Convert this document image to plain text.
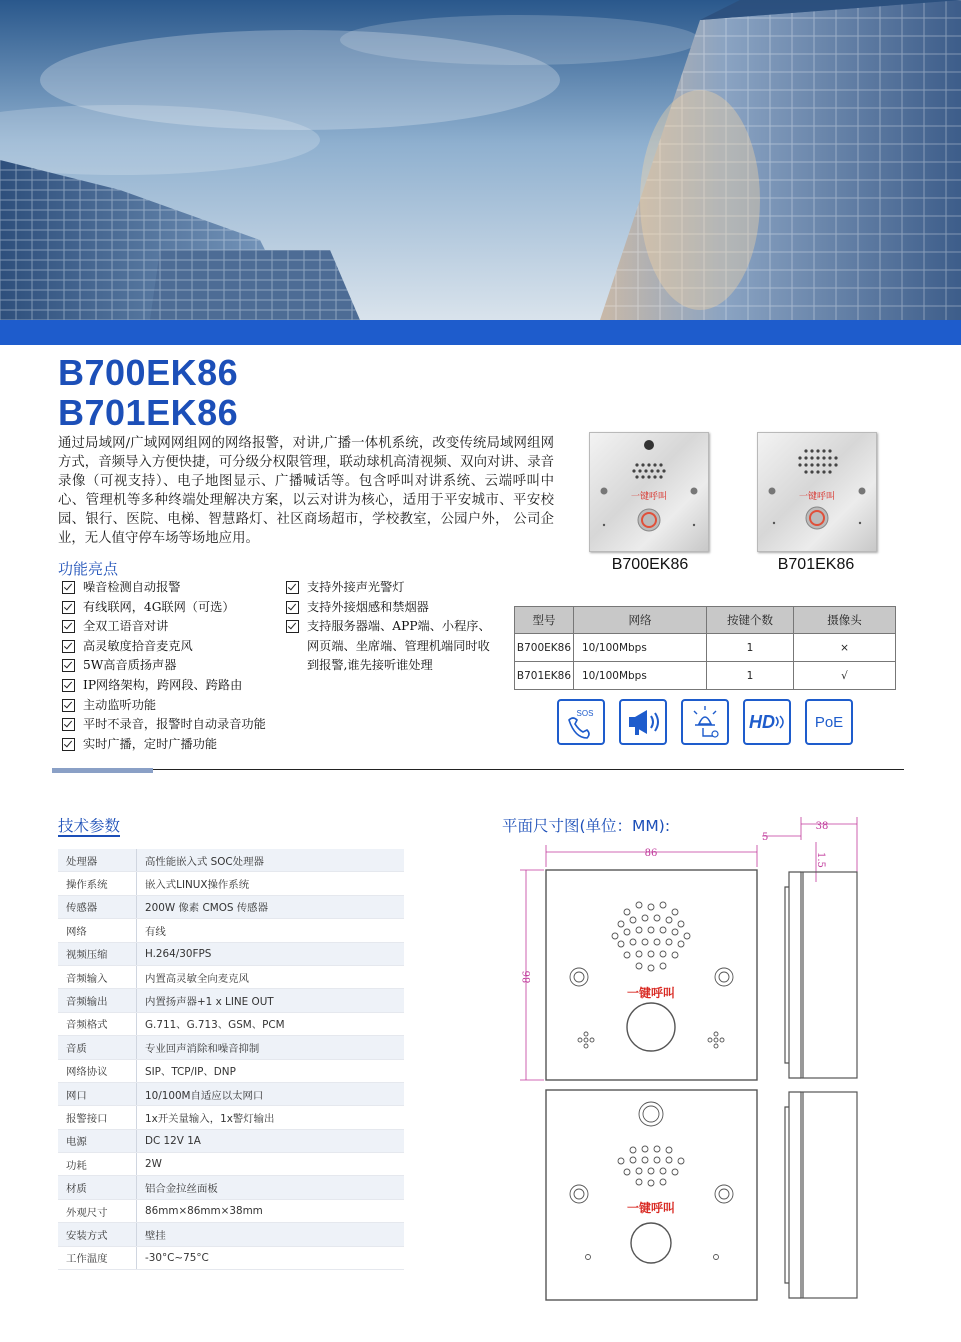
B700EK86
B701EK86
通过局域网/广域网网组网的网络报警，对讲,广播一体机系统，改变传统局域网组网方式，音频导入方便快捷，可分级分权限管理，联动球机高清视频、双向对讲、录音录像（可视支持）、电子地图显示、广播喊话等。包含呼叫对讲系统、云端呼叫中心、管理机等多种终端处理解决方案，以云对讲为核心，适用于平安城市、平安校园、银行、医院、电梯、智慧路灯、社区商场超市，学校教室，公园户外， 公司企业，无人值守停车场等场地应用。
功能亮点
噪音检测自动报警
有线联网，4G联网（可选）
全双工语音对讲
高灵敏度拾音麦克风
5W高音质扬声器
IP网络架构，跨网段、跨路由
主动监听功能
平时不录音，报警时自动录音功能
实时广播，定时广播功能
支持外接声光警灯
支持外接烟感和禁烟器
支持服务器端、APP端、小程序、网页端、坐席端、管理机端同时收到报警,谁先接听谁处理
一键呼叫	一键呼叫
B700EK86	B701EK86
型号	网络	按键个数	摄像头
B700EK86	10/100Mbps	1	×
B701EK86	10/100Mbps	1	√
SOS	HD	PoE
技术参数
处理器	高性能嵌入式 SOC处理器
操作系统	嵌入式LINUX操作系统
传感器	200W 像素 CMOS 传感器
网络	有线
视频压缩	H.264/30FPS
音频输入	内置高灵敏全向麦克风
音频输出	内置扬声器+1 x LINE OUT
音频格式	G.711、G.713、GSM、PCM
音质	专业回声消除和噪音抑制
网络协议	SIP、TCP/IP、DNP
网口	10/100M自适应以太网口
报警接口	1x开关量输入，1x警灯输出
电源	DC 12V 1A
功耗	2W
材质	铝合金拉丝面板
外观尺寸	86mm×86mm×38mm
安装方式	壁挂
工作温度	-30°C~75°C
平面尺寸图(单位：MM):
86
86
38
5
1.5
一键呼叫
一键呼叫
